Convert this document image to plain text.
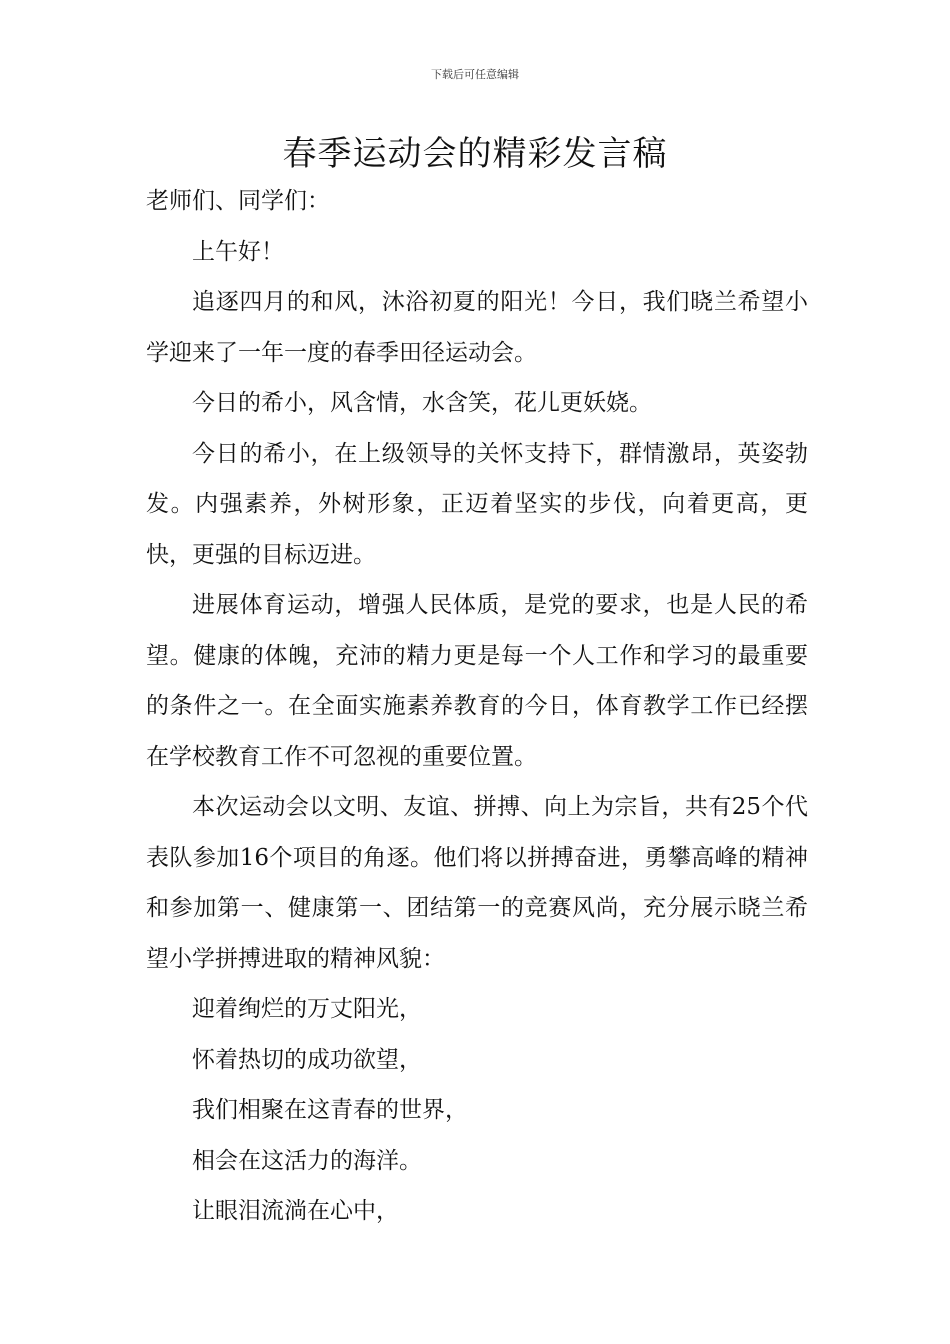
下载后可任意编辑
春季运动会的精彩发言稿

老师们、同学们：

上午好！

追逐四月的和风，沐浴初夏的阳光！今日，我们晓兰希望小学迎来了一年一度的春季田径运动会。

今日的希小，风含情，水含笑，花儿更妖娆。

今日的希小，在上级领导的关怀支持下，群情激昂，英姿勃发。内强素养，外树形象，正迈着坚实的步伐，向着更高，更快，更强的目标迈进。

进展体育运动，增强人民体质，是党的要求，也是人民的希望。健康的体魄，充沛的精力更是每一个人工作和学习的最重要的条件之一。在全面实施素养教育的今日，体育教学工作已经摆在学校教育工作不可忽视的重要位置。

本次运动会以文明、友谊、拼搏、向上为宗旨，共有25个代表队参加16个项目的角逐。他们将以拼搏奋进，勇攀高峰的精神和参加第一、健康第一、团结第一的竞赛风尚，充分展示晓兰希望小学拼搏进取的精神风貌：

迎着绚烂的万丈阳光，

怀着热切的成功欲望，

我们相聚在这青春的世界，

相会在这活力的海洋。

让眼泪流淌在心中，
